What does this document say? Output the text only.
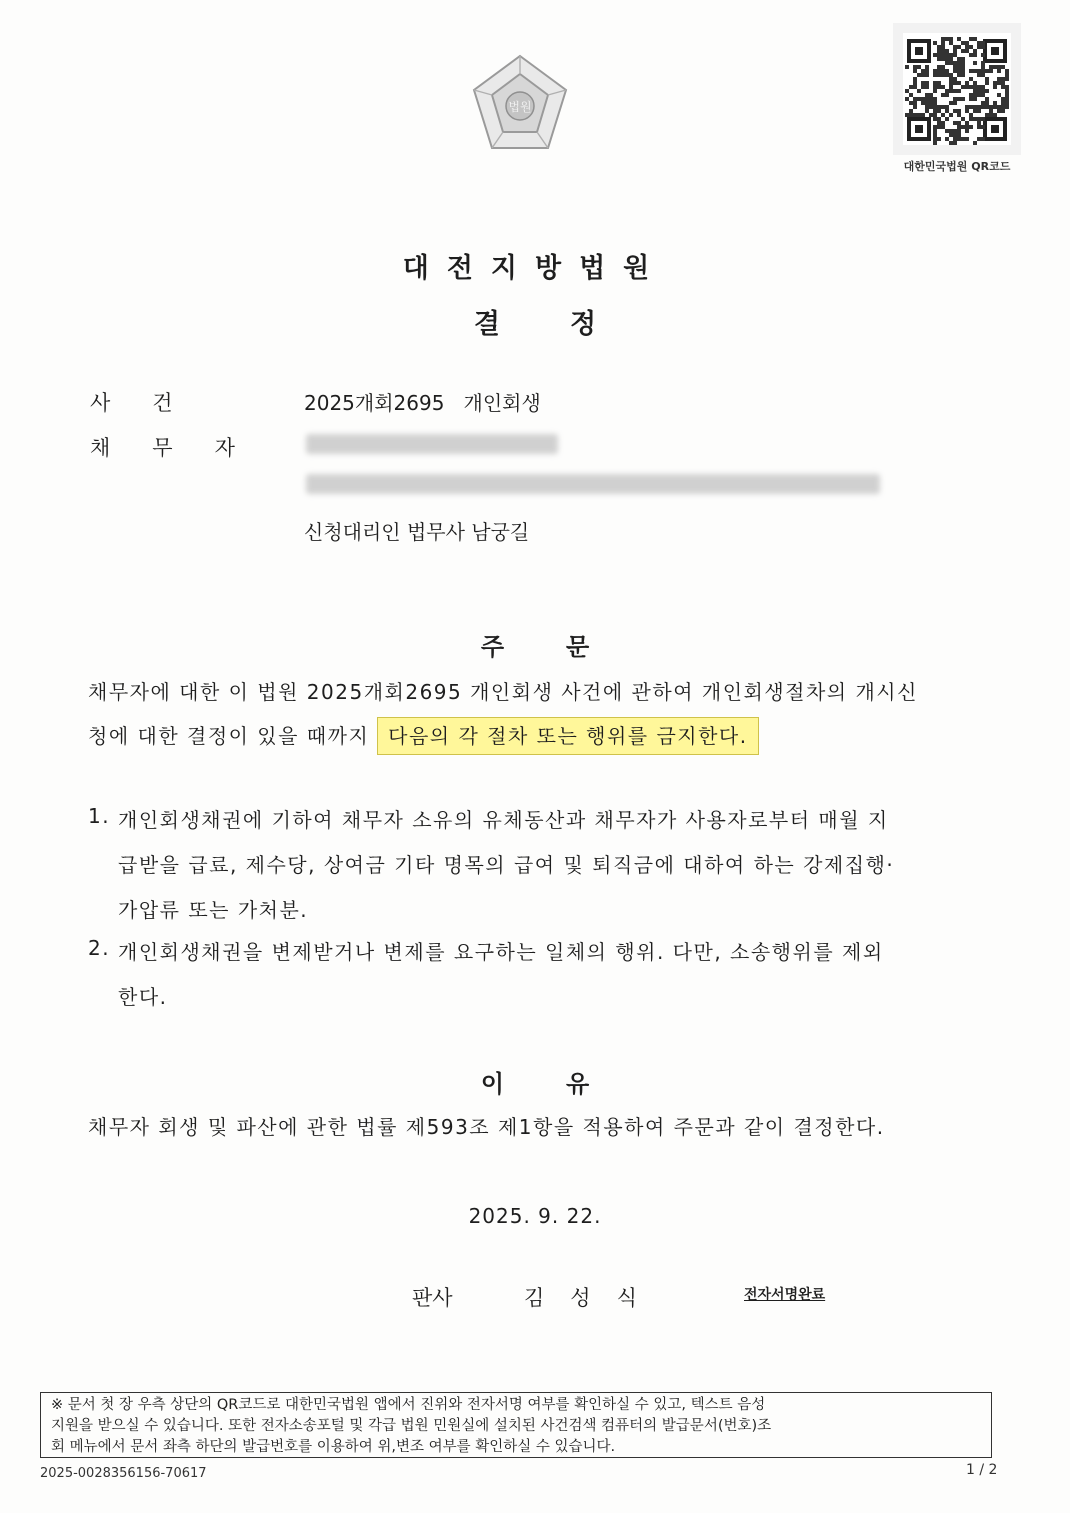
법원
대한민국법원 QR코드
대전지방법원
결정
사건	2025개회2695   개인회생
채무자
신청대리인 법무사 남궁길
주문
채무자에 대한 이 법원 2025개회2695 개인회생 사건에 관하여 개인회생절차의 개시신
청에 대한 결정이 있을 때까지 다음의 각 절차 또는 행위를 금지한다.
1. 개인회생채권에 기하여 채무자 소유의 유체동산과 채무자가 사용자로부터 매월 지
급받을 급료, 제수당, 상여금 기타 명목의 급여 및 퇴직금에 대하여 하는 강제집행·
가압류 또는 가처분.
2. 개인회생채권을 변제받거나 변제를 요구하는 일체의 행위. 다만, 소송행위를 제외
한다.
이유
채무자 회생 및 파산에 관한 법률 제593조 제1항을 적용하여 주문과 같이 결정한다.
2025. 9. 22.
판사	김성식	전자서명완료
※ 문서 첫 장 우측 상단의 QR코드로 대한민국법원 앱에서 진위와 전자서명 여부를 확인하실 수 있고, 텍스트 음성
지원을 받으실 수 있습니다. 또한 전자소송포털 및 각급 법원 민원실에 설치된 사건검색 컴퓨터의 발급문서(번호)조
회 메뉴에서 문서 좌측 하단의 발급번호를 이용하여 위,변조 여부를 확인하실 수 있습니다.
2025-0028356156-70617	1 / 2
